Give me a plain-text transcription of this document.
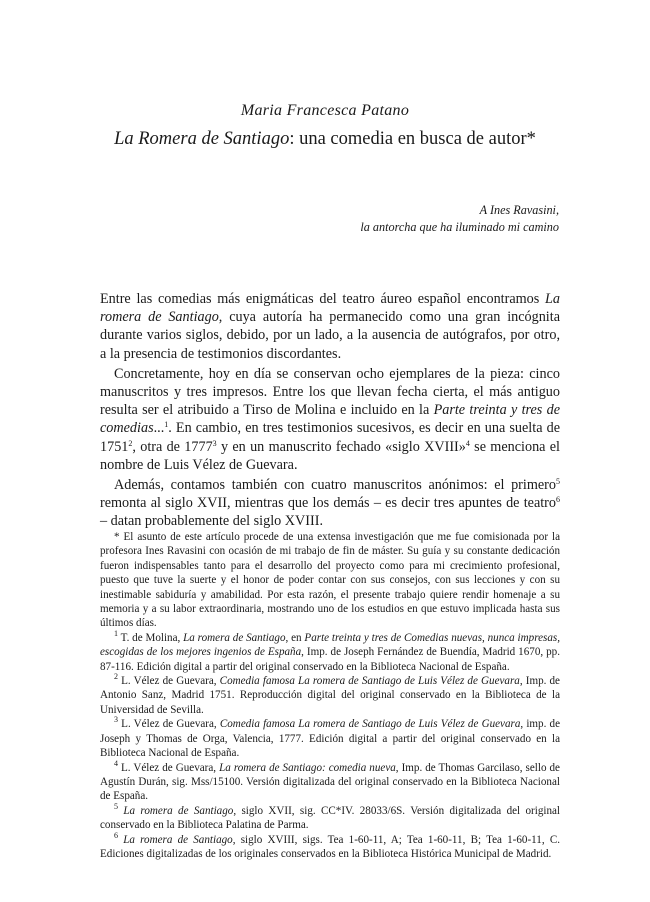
Maria Francesca Patano
La Romera de Santiago: una comedia en busca de autor*
A Ines Ravasini,
la antorcha que ha iluminado mi camino

Entre las comedias más enigmáticas del teatro áureo español encontramos La romera de Santiago, cuya autoría ha permanecido como una gran incógnita durante varios siglos, debido, por un lado, a la ausencia de autógrafos, por otro, a la presencia de testimonios discordantes.

Concretamente, hoy en día se conservan ocho ejemplares de la pieza: cinco manuscritos y tres impresos. Entre los que llevan fecha cierta, el más antiguo resulta ser el atribuido a Tirso de Molina e incluido en la Parte treinta y tres de comedias...$^1$. En cambio, en tres testimonios sucesivos, es decir en una suelta de 1751$^2$, otra de 1777$^3$ y en un manuscrito fechado «siglo XVIII»$^4$ se menciona el nombre de Luis Vélez de Guevara.

Además, contamos también con cuatro manuscritos anónimos: el primero$^5$ remonta al siglo XVII, mientras que los demás – es decir tres apuntes de teatro$^6$ – datan probablemente del siglo XVIII.

* El asunto de este artículo procede de una extensa investigación que me fue comisionada por la profesora Ines Ravasini con ocasión de mi trabajo de fin de máster. Su guía y su constante dedicación fueron indispensables tanto para el desarrollo del proyecto como para mi crecimiento profesional, puesto que tuve la suerte y el honor de poder contar con sus consejos, con sus lecciones y con su inestimable sabiduría y amabilidad. Por esta razón, el presente trabajo quiere rendir homenaje a su memoria y a su labor extraordinaria, mostrando uno de los estudios en que estuvo implicada hasta sus últimos días.

$^1$ T. de Molina, La romera de Santiago, en Parte treinta y tres de Comedias nuevas, nunca impresas, escogidas de los mejores ingenios de España, Imp. de Joseph Fernández de Buendía, Madrid 1670, pp. 87-116. Edición digital a partir del original conservado en la Biblioteca Nacional de España.

$^2$ L. Vélez de Guevara, Comedia famosa La romera de Santiago de Luis Vélez de Guevara, Imp. de Antonio Sanz, Madrid 1751. Reproducción digital del original conservado en la Biblioteca de la Universidad de Sevilla.

$^3$ L. Vélez de Guevara, Comedia famosa La romera de Santiago de Luis Vélez de Guevara, imp. de Joseph y Thomas de Orga, Valencia, 1777. Edición digital a partir del original conservado en la Biblioteca Nacional de España.

$^4$ L. Vélez de Guevara, La romera de Santiago: comedia nueva, Imp. de Thomas Garcilaso, sello de Agustín Durán, sig. Mss/15100. Versión digitalizada del original conservado en la Biblioteca Nacional de España.

$^5$ La romera de Santiago, siglo XVII, sig. CC*IV. 28033/6S. Versión digitalizada del original conservado en la Biblioteca Palatina de Parma.

$^6$ La romera de Santiago, siglo XVIII, sigs. Tea 1-60-11, A; Tea 1-60-11, B; Tea 1-60-11, C. Ediciones digitalizadas de los originales conservados en la Biblioteca Histórica Municipal de Madrid.
